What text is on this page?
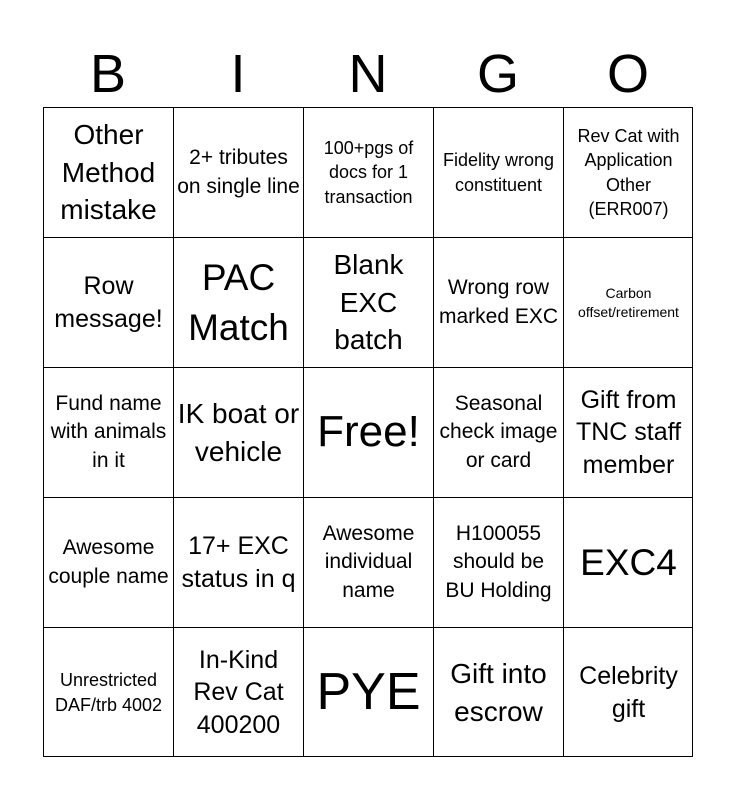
B	I	N	G	O
Other Method mistake
2+ tributes on single line
100+pgs of docs for 1 transaction
Fidelity wrong constituent
Rev Cat with Application Other (ERR007)
Row message!
PAC Match
Blank EXC batch
Wrong row marked EXC
Carbon offset/retirement
Fund name with animals in it
IK boat or vehicle Free!
Seasonal check image or card
Gift from TNC staff member
Awesome couple name
17+ EXC status in q
Awesome individual name
H100055 should be BU Holding
EXC4
Unrestricted DAF/trb 4002
In-Kind Rev Cat 400200
PYE	Gift into escrow
Celebrity gift
